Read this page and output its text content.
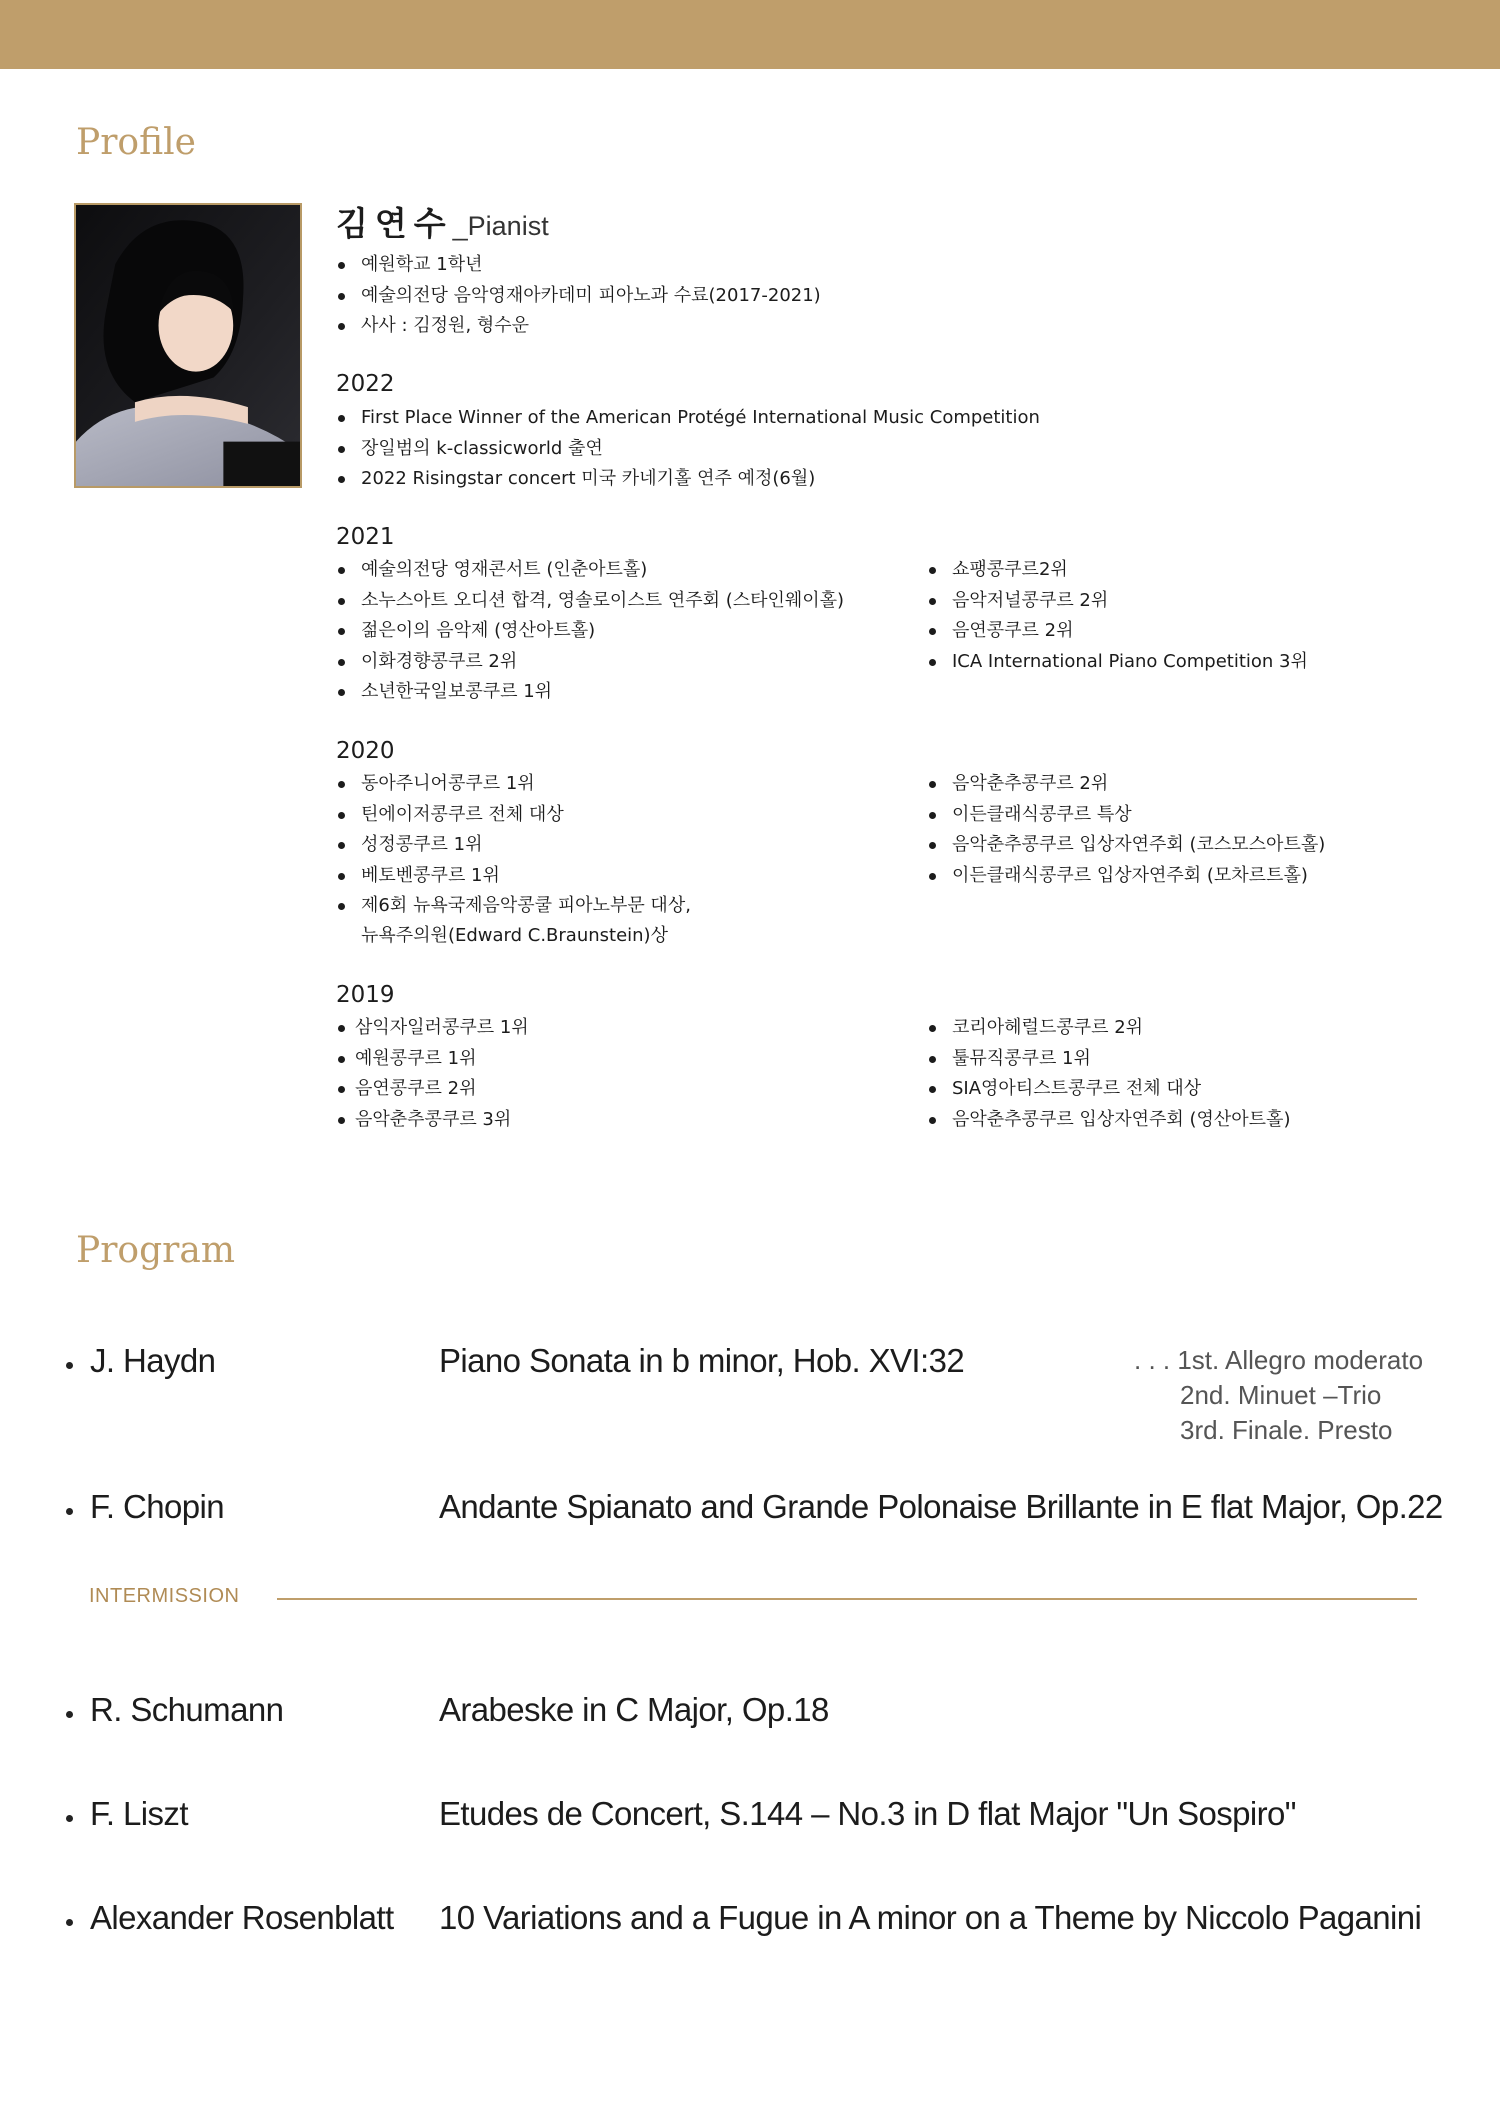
Profile
김연수_Pianist
예원학교 1학년
예술의전당 음악영재아카데미 피아노과 수료(2017-2021)
사사 : 김정원, 형수운
2022
First Place Winner of the American Protégé International Music Competition
장일범의 k-classicworld 출연
2022 Risingstar concert 미국 카네기홀 연주 예정(6월)
2021
예술의전당 영재콘서트 (인춘아트홀)
소누스아트 오디션 합격, 영솔로이스트 연주회 (스타인웨이홀)
젊은이의 음악제 (영산아트홀)
이화경향콩쿠르 2위
소년한국일보콩쿠르 1위
쇼팽콩쿠르2위
음악저널콩쿠르 2위
음연콩쿠르 2위
ICA International Piano Competition 3위
2020
동아주니어콩쿠르 1위
틴에이저콩쿠르 전체 대상
성정콩쿠르 1위
베토벤콩쿠르 1위
제6회 뉴욕국제음악콩쿨 피아노부문 대상,
뉴욕주의원(Edward C.Braunstein)상
음악춘추콩쿠르 2위
이든클래식콩쿠르 특상
음악춘추콩쿠르 입상자연주회 (코스모스아트홀)
이든클래식콩쿠르 입상자연주회 (모차르트홀)
2019
삼익자일러콩쿠르 1위
예원콩쿠르 1위
음연콩쿠르 2위
음악춘추콩쿠르 3위
코리아헤럴드콩쿠르 2위
툴뮤직콩쿠르 1위
SIA영아티스트콩쿠르 전체 대상
음악춘추콩쿠르 입상자연주회 (영산아트홀)
Program
J. Haydn	Piano Sonata in b minor, Hob. XVI:32	. . . 1st. Allegro moderato
2nd. Minuet –Trio
3rd. Finale. Presto
F. Chopin	Andante Spianato and Grande Polonaise Brillante in E flat Major, Op.22
INTERMISSION
R. Schumann	Arabeske in C Major, Op.18
F. Liszt	Etudes de Concert, S.144 – No.3 in D flat Major "Un Sospiro"
Alexander Rosenblatt 10 Variations and a Fugue in A minor on a Theme by Niccolo Paganini
